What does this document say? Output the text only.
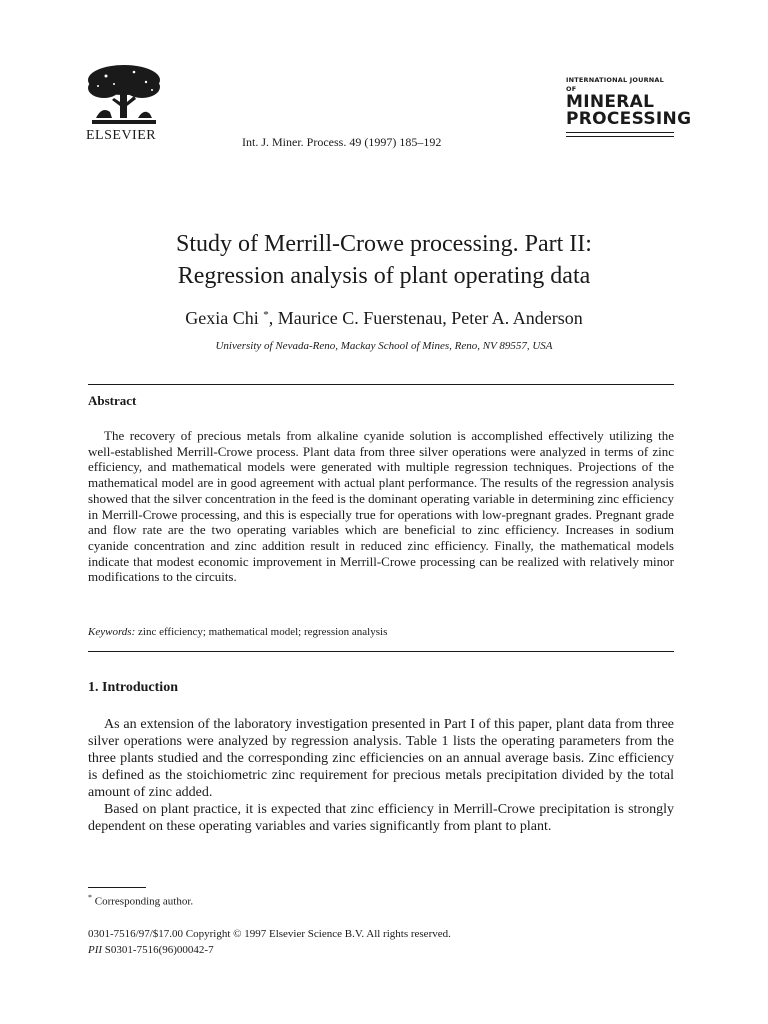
ELSEVIER	Int. J. Miner. Process. 49 (1997) 185–192
INTERNATIONAL JOURNAL OF
MINERAL
PROCESSING
Study of Merrill-Crowe processing. Part II:
Regression analysis of plant operating data
Gexia Chi *, Maurice C. Fuerstenau, Peter A. Anderson
University of Nevada-Reno, Mackay School of Mines, Reno, NV 89557, USA
Abstract
The recovery of precious metals from alkaline cyanide solution is accomplished effectively utilizing the well-established Merrill-Crowe process. Plant data from three silver operations were analyzed in terms of zinc efficiency, and mathematical models were generated with multiple regression techniques. Projections of the mathematical model are in good agreement with actual plant performance. The results of the regression analysis showed that the silver concentration in the feed is the dominant operating variable in determining zinc efficiency in Merrill-Crowe processing, and this is especially true for operations with low-pregnant grades. Pregnant grade and flow rate are the two operating variables which are beneficial to zinc efficiency. Increases in sodium cyanide concentration and zinc addition result in reduced zinc efficiency. Finally, the mathematical models indicate that modest economic improvement in Merrill-Crowe processing can be realized with relatively minor modifications to the circuits.
Keywords: zinc efficiency; mathematical model; regression analysis
1. Introduction

As an extension of the laboratory investigation presented in Part I of this paper, plant data from three silver operations were analyzed by regression analysis. Table 1 lists the operating parameters from the three plants studied and the corresponding zinc efficiencies on an annual average basis. Zinc efficiency is defined as the stoichiometric zinc requirement for precious metals precipitation divided by the total amount of zinc added.

Based on plant practice, it is expected that zinc efficiency in Merrill-Crowe precipitation is strongly dependent on these operating variables and varies significantly from plant to plant.

* Corresponding author.
0301-7516/97/$17.00 Copyright © 1997 Elsevier Science B.V. All rights reserved.
PII S0301-7516(96)00042-7
